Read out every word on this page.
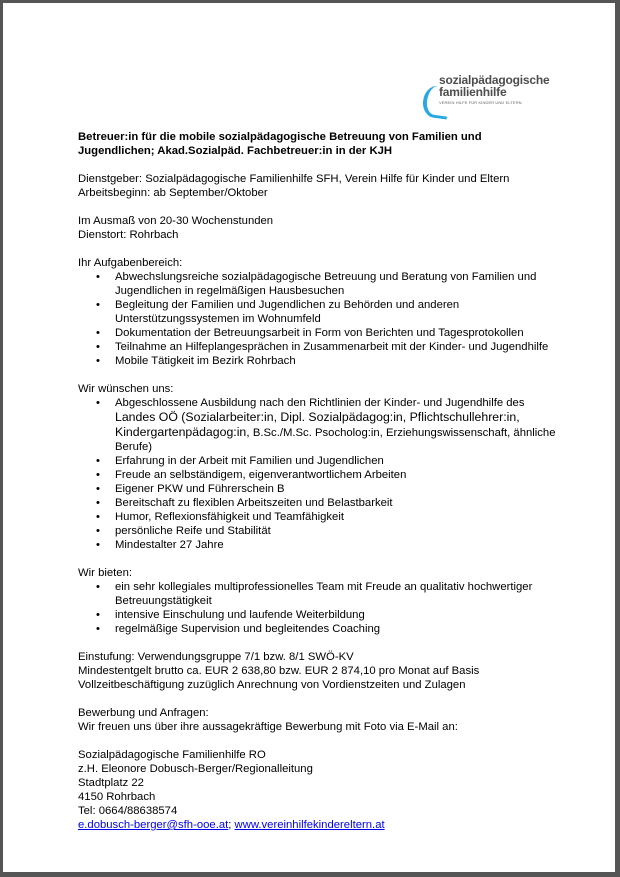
sozialpädagogische
familienhilfe
VEREIN HILFE FÜR KINDER UND ELTERN

Betreuer:in für die mobile sozialpädagogische Betreuung von Familien und Jugendlichen; Akad.Sozialpäd. Fachbetreuer:in in der KJH

Dienstgeber: Sozialpädagogische Familienhilfe SFH, Verein Hilfe für Kinder und Eltern

Arbeitsbeginn: ab September/Oktober

Im Ausmaß von 20-30 Wochenstunden

Dienstort: Rohrbach

Ihr Aufgabenbereich:

• Abwechslungsreiche sozialpädagogische Betreuung und Beratung von Familien und Jugendlichen in regelmäßigen Hausbesuchen
• Begleitung der Familien und Jugendlichen zu Behörden und anderen Unterstützungssystemen im Wohnumfeld
• Dokumentation der Betreuungsarbeit in Form von Berichten und Tagesprotokollen
• Teilnahme an Hilfeplangesprächen in Zusammenarbeit mit der Kinder- und Jugendhilfe
• Mobile Tätigkeit im Bezirk Rohrbach

Wir wünschen uns:

• Abgeschlossene Ausbildung nach den Richtlinien der Kinder- und Jugendhilfe des Landes OÖ (Sozialarbeiter:in, Dipl. Sozialpädagog:in, Pflichtschullehrer:in, Kindergartenpädagog:in, B.Sc./M.Sc. Psocholog:in, Erziehungswissenschaft, ähnliche Berufe)
• Erfahrung in der Arbeit mit Familien und Jugendlichen
• Freude an selbständigem, eigenverantwortlichem Arbeiten
• Eigener PKW und Führerschein B
• Bereitschaft zu flexiblen Arbeitszeiten und Belastbarkeit
• Humor, Reflexionsfähigkeit und Teamfähigkeit
• persönliche Reife und Stabilität
• Mindestalter 27 Jahre

Wir bieten:

• ein sehr kollegiales multiprofessionelles Team mit Freude an qualitativ hochwertiger Betreuungstätigkeit
• intensive Einschulung und laufende Weiterbildung
• regelmäßige Supervision und begleitendes Coaching

Einstufung: Verwendungsgruppe 7/1 bzw. 8/1 SWÖ-KV

Mindestentgelt brutto ca. EUR 2 638,80 bzw. EUR 2 874,10 pro Monat auf Basis

Vollzeitbeschäftigung zuzüglich Anrechnung von Vordienstzeiten und Zulagen

Bewerbung und Anfragen:

Wir freuen uns über ihre aussagekräftige Bewerbung mit Foto via E-Mail an:

Sozialpädagogische Familienhilfe RO

z.H. Eleonore Dobusch-Berger/Regionalleitung

Stadtplatz 22

4150 Rohrbach

Tel: 0664/88638574

e.dobusch-berger@sfh-ooe.at; www.vereinhilfekindereltern.at
